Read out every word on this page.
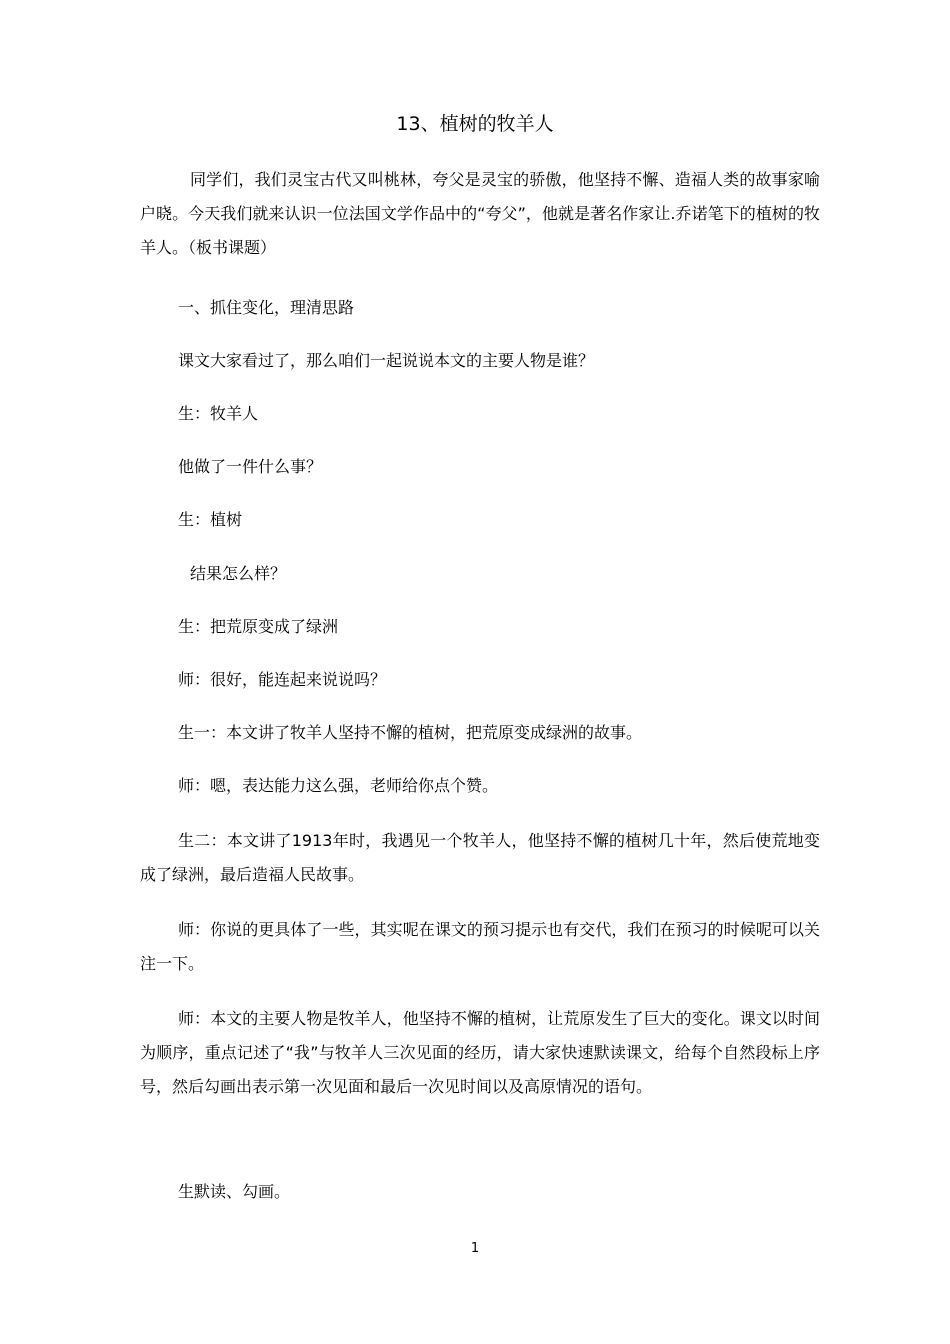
13、植树的牧羊人
同学们，我们灵宝古代又叫桃林，夸父是灵宝的骄傲，他坚持不懈、造福人类的故事家喻户晓。今天我们就来认识一位法国文学作品中的“夸父”，他就是著名作家让.乔诺笔下的植树的牧羊人。（板书课题）
一、抓住变化，理清思路
课文大家看过了，那么咱们一起说说本文的主要人物是谁？
生：牧羊人
他做了一件什么事？
生：植树
结果怎么样？
生：把荒原变成了绿洲
师：很好，能连起来说说吗？
生一：本文讲了牧羊人坚持不懈的植树，把荒原变成绿洲的故事。
师：嗯，表达能力这么强，老师给你点个赞。
生二：本文讲了1913年时，我遇见一个牧羊人，他坚持不懈的植树几十年，然后使荒地变成了绿洲，最后造福人民故事。
师：你说的更具体了一些，其实呢在课文的预习提示也有交代，我们在预习的时候呢可以关注一下。
师：本文的主要人物是牧羊人，他坚持不懈的植树，让荒原发生了巨大的变化。课文以时间为顺序，重点记述了“我”与牧羊人三次见面的经历，请大家快速默读课文，给每个自然段标上序号，然后勾画出表示第一次见面和最后一次见时间以及高原情况的语句。
生默读、勾画。
1
